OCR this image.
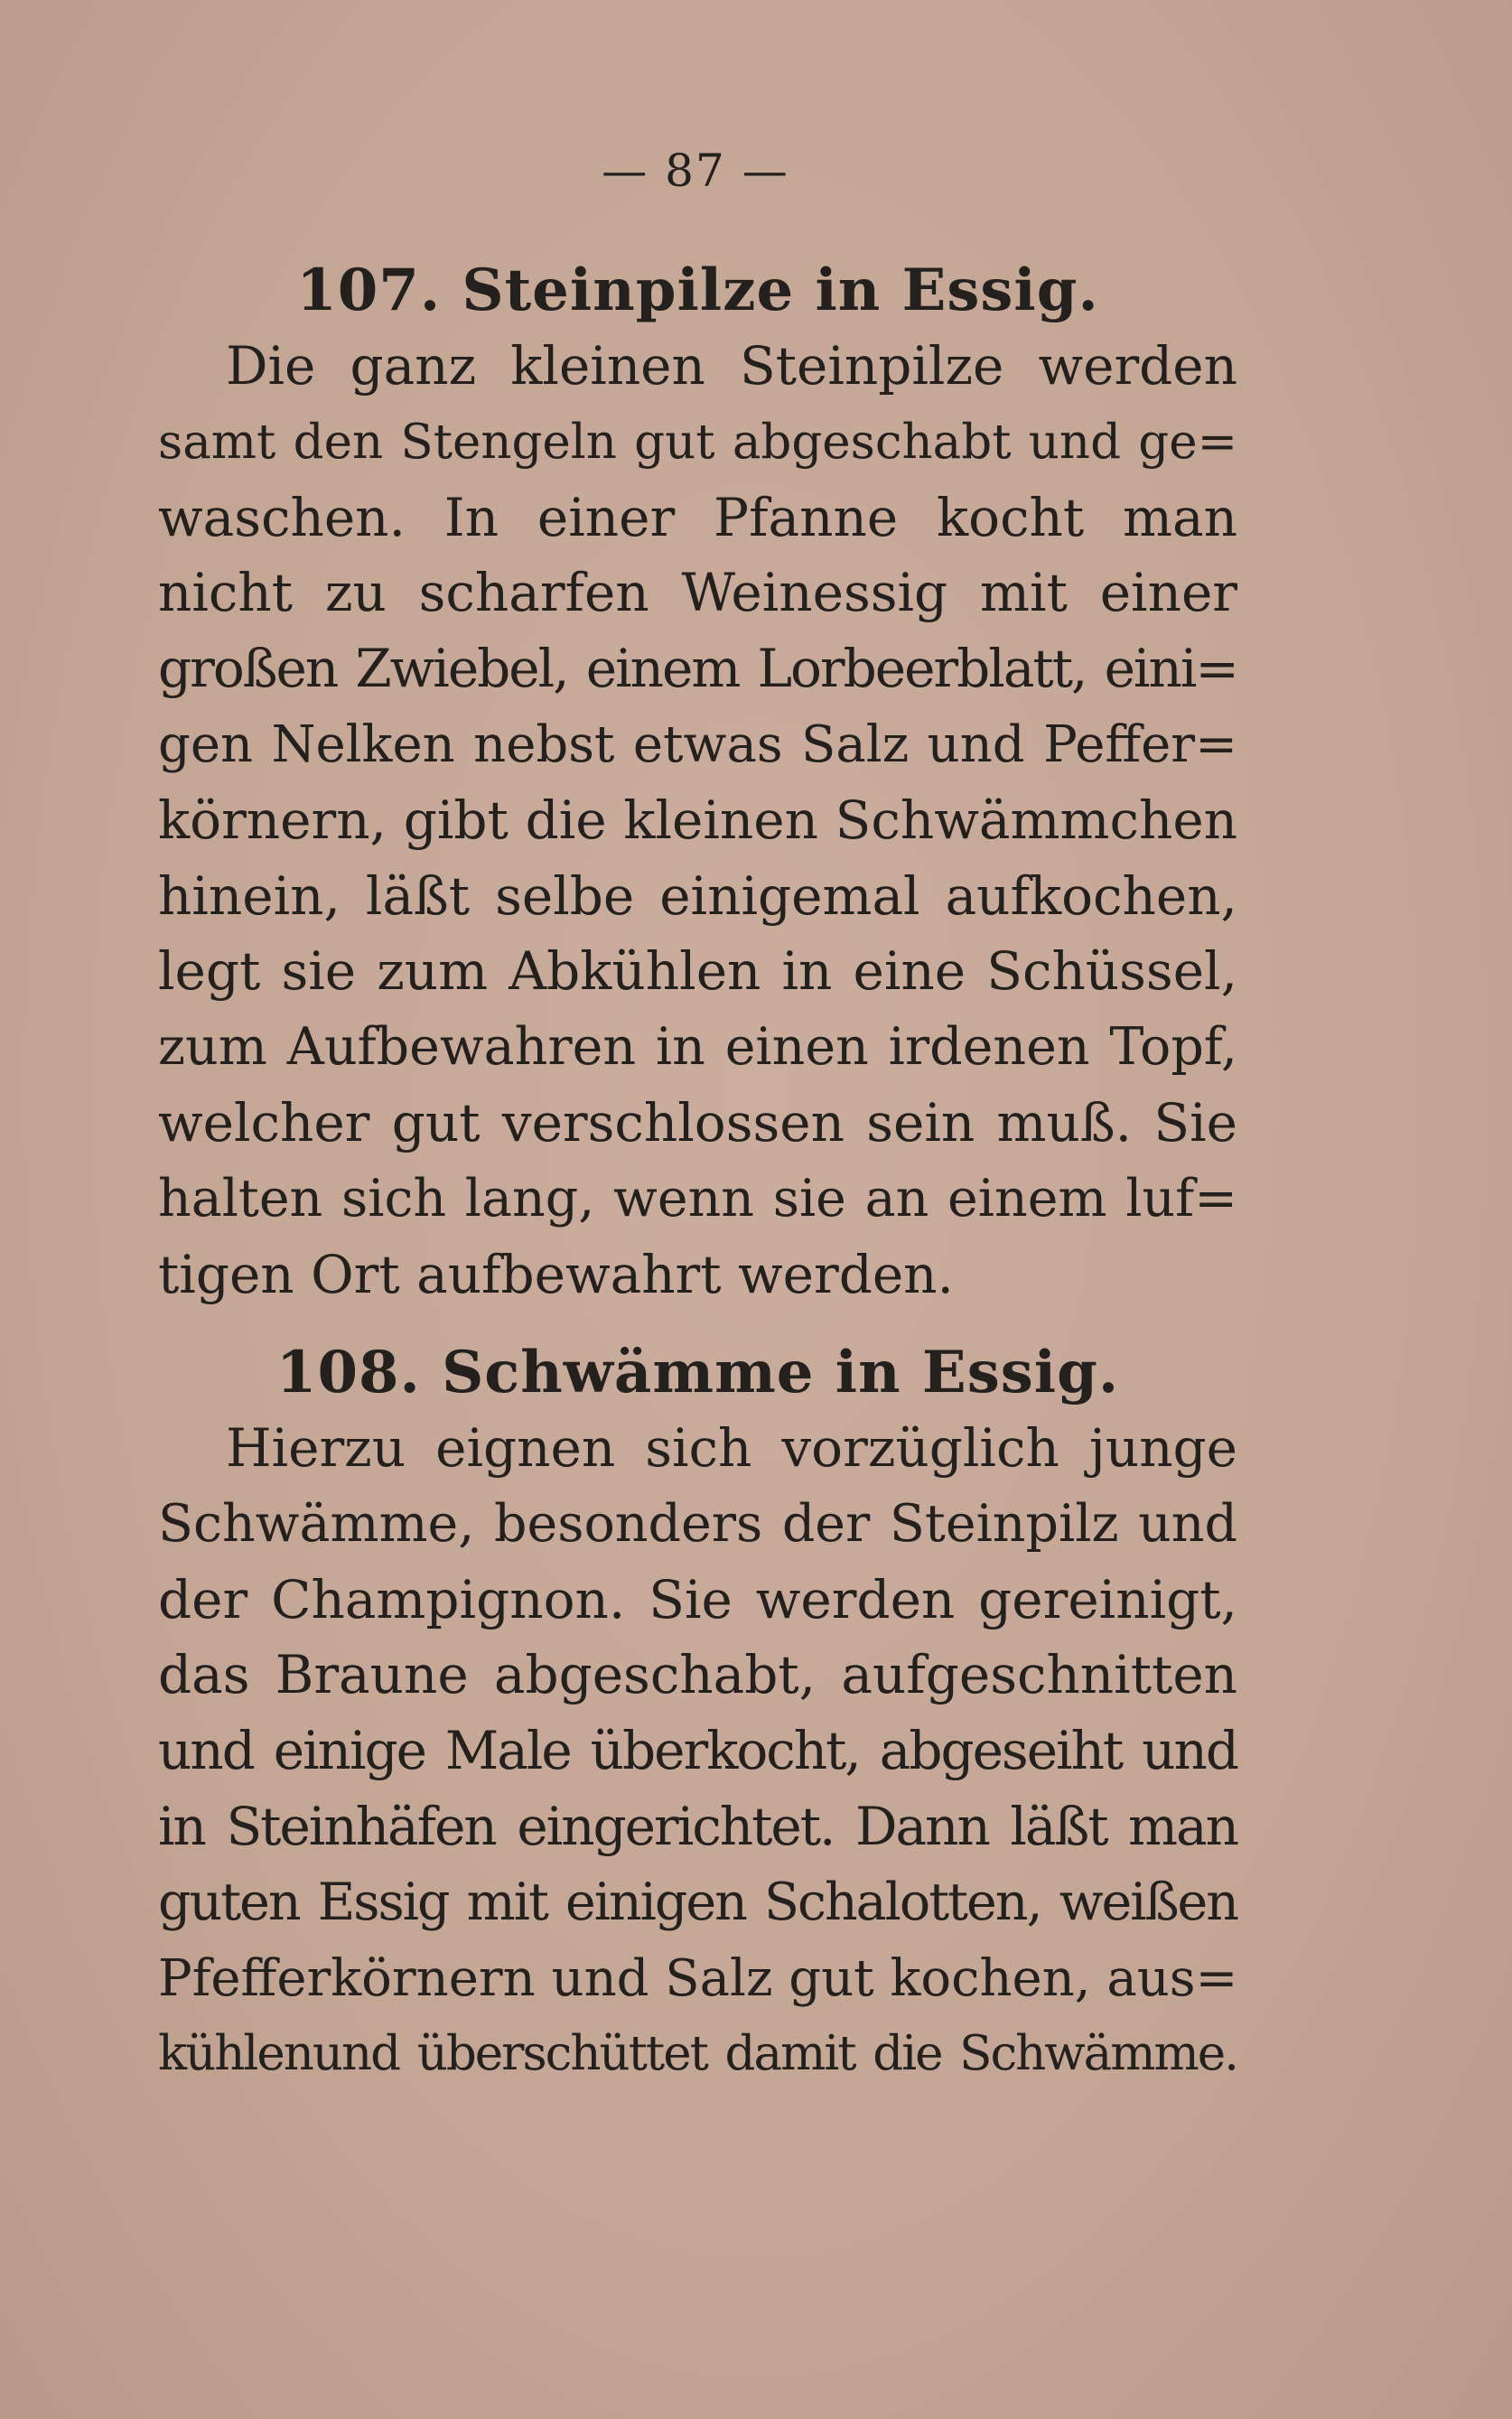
— 87 —
107. Steinpilze in Essig.
Die ganz kleinen Steinpilze werden
samt den Stengeln gut abgeschabt und ge=
waschen. In einer Pfanne kocht man
nicht zu scharfen Weinessig mit einer
großen Zwiebel, einem Lorbeerblatt, eini=
gen Nelken nebst etwas Salz und Peffer=
körnern, gibt die kleinen Schwämmchen
hinein, läßt selbe einigemal aufkochen,
legt sie zum Abkühlen in eine Schüssel,
zum Aufbewahren in einen irdenen Topf,
welcher gut verschlossen sein muß. Sie
halten sich lang, wenn sie an einem luf=
tigen Ort aufbewahrt werden.
108. Schwämme in Essig.
Hierzu eignen sich vorzüglich junge
Schwämme, besonders der Steinpilz und
der Champignon. Sie werden gereinigt,
das Braune abgeschabt, aufgeschnitten
und einige Male überkocht, abgeseiht und
in Steinhäfen eingerichtet. Dann läßt man
guten Essig mit einigen Schalotten, weißen
Pfefferkörnern und Salz gut kochen, aus=
kühlenund überschüttet damit die Schwämme.
